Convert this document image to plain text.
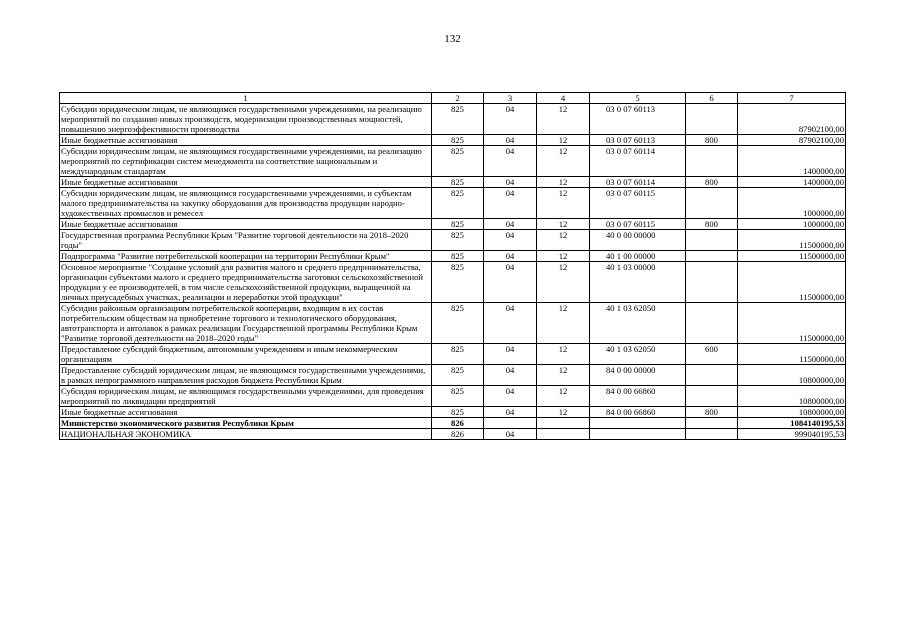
132
1	2	3	4	5	6	7
Субсидии юридическим лицам, не являющимся государственными учреждениями, на реализацию мероприятий по созданию новых производств, модернизации производственных мощностей, повышению энергоэффективности производства	825	04	12	03 0 07 60113		87902100,00
Иные бюджетные ассигнования	825	04	12	03 0 07 60113	800	87902100,00
Субсидии юридическим лицам, не являющимся государственными учреждениями, на реализацию мероприятий по сертификации систем менеджмента на соответствие национальным и международным стандартам	825	04	12	03 0 07 60114		1400000,00
Иные бюджетные ассигнования	825	04	12	03 0 07 60114	800	1400000,00
Субсидии юридическим лицам, не являющимся государственными учреждениями, и субъектам малого предпринимательства на закупку оборудования для производства продукции народно-художественных промыслов и ремесел	825	04	12	03 0 07 60115		1000000,00
Иные бюджетные ассигнования	825	04	12	03 0 07 60115	800	1000000,00
Государственная программа Республики Крым "Развитие торговой деятельности на 2018–2020 годы"	825	04	12	40 0 00 00000		11500000,00
Подпрограмма "Развитие потребительской кооперации на территории Республики Крым"	825	04	12	40 1 00 00000		11500000,00
Основное мероприятие "Создание условий для развития малого и среднего предпринимательства, организации субъектами малого и среднего предпринимательства заготовки сельскохозяйственной продукции у ее производителей, в том числе сельскохозяйственной продукции, выращенной на личных приусадебных участках, реализации и переработки этой продукции"	825	04	12	40 1 03 00000		11500000,00
Субсидии районным организациям потребительской кооперации, входящим в их состав потребительским обществам на приобретение торгового и технологического оборудования, автотранспорта и автолавок в рамках реализации Государственной программы Республики Крым "Развитие торговой деятельности на 2018–2020 годы"	825	04	12	40 1 03 62050		11500000,00
Предоставление субсидий бюджетным, автономным учреждениям и иным некоммерческим организациям	825	04	12	40 1 03 62050	600	11500000,00
Предоставление субсидий юридическим лицам, не являющимся государственными учреждениями, в рамках непрограммного направления расходов бюджета Республики Крым	825	04	12	84 0 00 00000		10800000,00
Субсидия юридическим лицам, не являющимся государственными учреждениями, для проведения мероприятий по ликвидации предприятий	825	04	12	84 0 00 66860		10800000,00
Иные бюджетные ассигнования	825	04	12	84 0 00 66860	800	10800000,00
Министерство экономического развития Республики Крым	826					1084140195,53
НАЦИОНАЛЬНАЯ ЭКОНОМИКА	826	04				999040195,53
